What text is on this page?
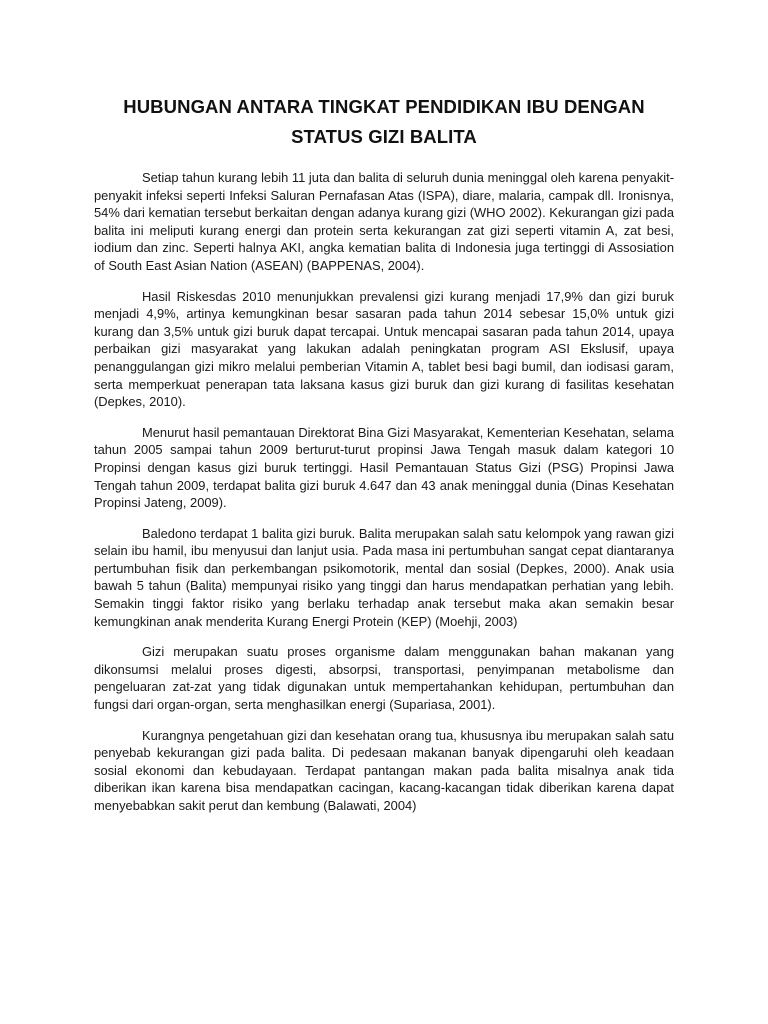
HUBUNGAN ANTARA TINGKAT PENDIDIKAN IBU DENGAN
STATUS GIZI BALITA

Setiap tahun kurang lebih 11 juta dan balita di seluruh dunia meninggal oleh karena penyakit-penyakit infeksi seperti Infeksi Saluran Pernafasan Atas (ISPA), diare, malaria, campak dll. Ironisnya, 54% dari kematian tersebut berkaitan dengan adanya kurang gizi (WHO 2002). Kekurangan gizi pada balita ini meliputi kurang energi dan protein serta kekurangan zat gizi seperti vitamin A, zat besi, iodium dan zinc. Seperti halnya AKI, angka kematian balita di Indonesia juga tertinggi di Assosiation of South East Asian Nation (ASEAN) (BAPPENAS, 2004).

Hasil Riskesdas 2010 menunjukkan prevalensi gizi kurang menjadi 17,9% dan gizi buruk menjadi 4,9%, artinya kemungkinan besar sasaran pada tahun 2014 sebesar 15,0% untuk gizi kurang dan 3,5% untuk gizi buruk dapat tercapai. Untuk mencapai sasaran pada tahun 2014, upaya perbaikan gizi masyarakat yang lakukan adalah peningkatan program ASI Ekslusif, upaya penanggulangan gizi mikro melalui pemberian Vitamin A, tablet besi bagi bumil, dan iodisasi garam, serta memperkuat penerapan tata laksana kasus gizi buruk dan gizi kurang di fasilitas kesehatan (Depkes, 2010).

Menurut hasil pemantauan Direktorat Bina Gizi Masyarakat, Kementerian Kesehatan, selama tahun 2005 sampai tahun 2009 berturut-turut propinsi Jawa Tengah masuk dalam kategori 10 Propinsi dengan kasus gizi buruk tertinggi. Hasil Pemantauan Status Gizi (PSG) Propinsi Jawa Tengah tahun 2009, terdapat balita gizi buruk 4.647 dan 43 anak meninggal dunia (Dinas Kesehatan Propinsi Jateng, 2009).

Baledono terdapat 1 balita gizi buruk. Balita merupakan salah satu kelompok yang rawan gizi selain ibu hamil, ibu menyusui dan lanjut usia. Pada masa ini pertumbuhan sangat cepat diantaranya pertumbuhan fisik dan perkembangan psikomotorik, mental dan sosial (Depkes, 2000). Anak usia bawah 5 tahun (Balita) mempunyai risiko yang tinggi dan harus mendapatkan perhatian yang lebih. Semakin tinggi faktor risiko yang berlaku terhadap anak tersebut maka akan semakin besar kemungkinan anak menderita Kurang Energi Protein (KEP) (Moehji, 2003)

Gizi merupakan suatu proses organisme dalam menggunakan bahan makanan yang dikonsumsi melalui proses digesti, absorpsi, transportasi, penyimpanan metabolisme dan pengeluaran zat-zat yang tidak digunakan untuk mempertahankan kehidupan, pertumbuhan dan fungsi dari organ-organ, serta menghasilkan energi (Supariasa, 2001).

Kurangnya pengetahuan gizi dan kesehatan orang tua, khususnya ibu merupakan salah satu penyebab kekurangan gizi pada balita. Di pedesaan makanan banyak dipengaruhi oleh keadaan sosial ekonomi dan kebudayaan. Terdapat pantangan makan pada balita misalnya anak tida diberikan ikan karena bisa mendapatkan cacingan, kacang-kacangan tidak diberikan karena dapat menyebabkan sakit perut dan kembung (Balawati, 2004)
